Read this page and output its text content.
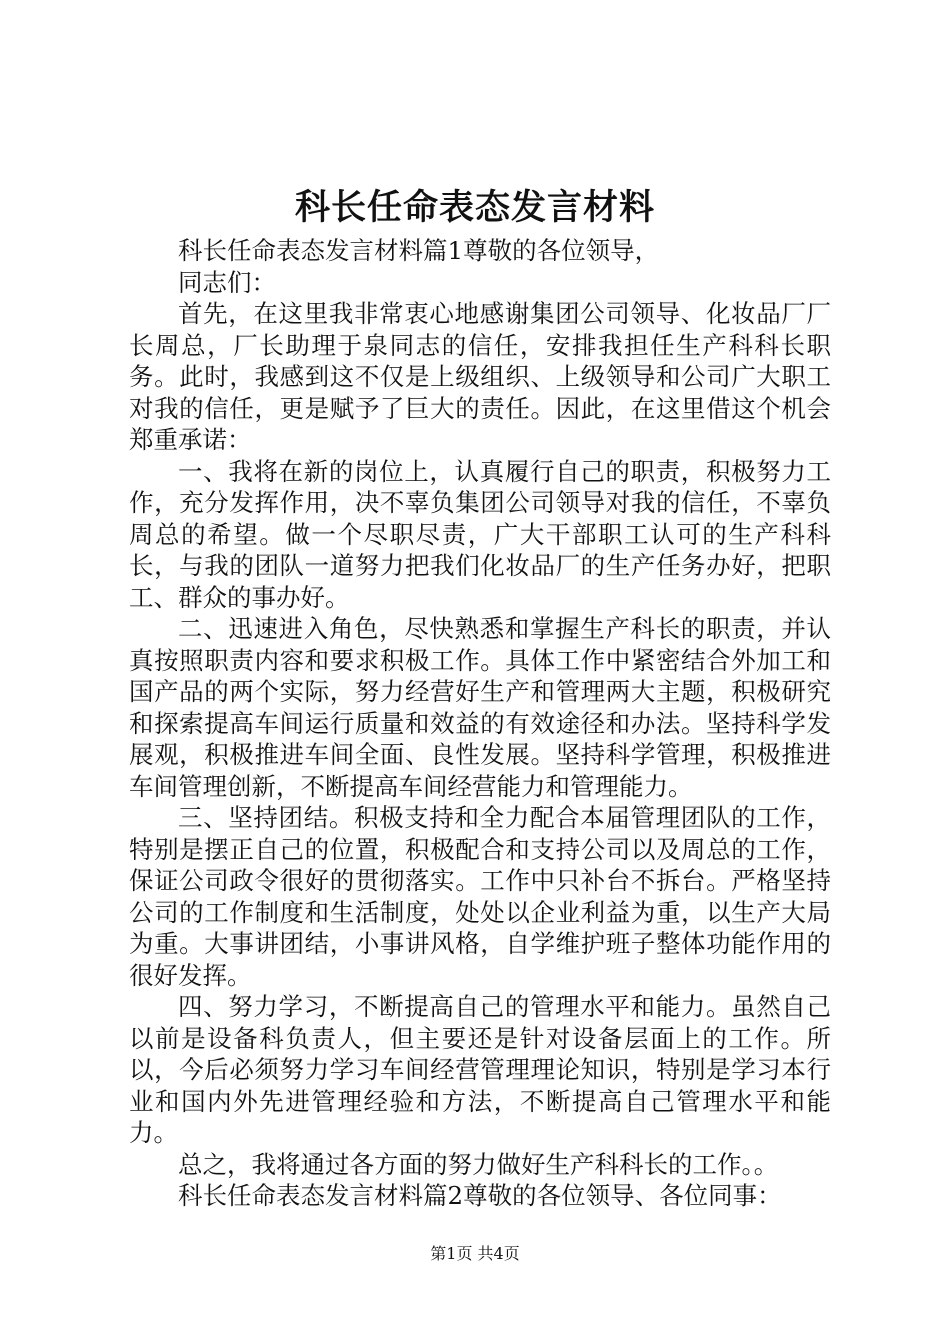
科长任命表态发言材料

科长任命表态发言材料篇1尊敬的各位领导，

同志们：

首先，在这里我非常衷心地感谢集团公司领导、化妆品厂厂长周总，厂长助理于泉同志的信任，安排我担任生产科科长职务。此时，我感到这不仅是上级组织、上级领导和公司广大职工对我的信任，更是赋予了巨大的责任。因此，在这里借这个机会郑重承诺：

一、我将在新的岗位上，认真履行自己的职责，积极努力工作，充分发挥作用，决不辜负集团公司领导对我的信任，不辜负周总的希望。做一个尽职尽责，广大干部职工认可的生产科科长，与我的团队一道努力把我们化妆品厂的生产任务办好，把职工、群众的事办好。

二、迅速进入角色，尽快熟悉和掌握生产科长的职责，并认真按照职责内容和要求积极工作。具体工作中紧密结合外加工和国产品的两个实际，努力经营好生产和管理两大主题，积极研究和探索提高车间运行质量和效益的有效途径和办法。坚持科学发展观，积极推进车间全面、良性发展。坚持科学管理，积极推进车间管理创新，不断提高车间经营能力和管理能力。

三、坚持团结。积极支持和全力配合本届管理团队的工作，特别是摆正自己的位置，积极配合和支持公司以及周总的工作，保证公司政令很好的贯彻落实。工作中只补台不拆台。严格坚持公司的工作制度和生活制度，处处以企业利益为重，以生产大局为重。大事讲团结，小事讲风格，自学维护班子整体功能作用的很好发挥。

四、努力学习，不断提高自己的管理水平和能力。虽然自己以前是设备科负责人，但主要还是针对设备层面上的工作。所以，今后必须努力学习车间经营管理理论知识，特别是学习本行业和国内外先进管理经验和方法，不断提高自己管理水平和能力。

总之，我将通过各方面的努力做好生产科科长的工作。。

科长任命表态发言材料篇2尊敬的各位领导、各位同事：

第1页 共4页
